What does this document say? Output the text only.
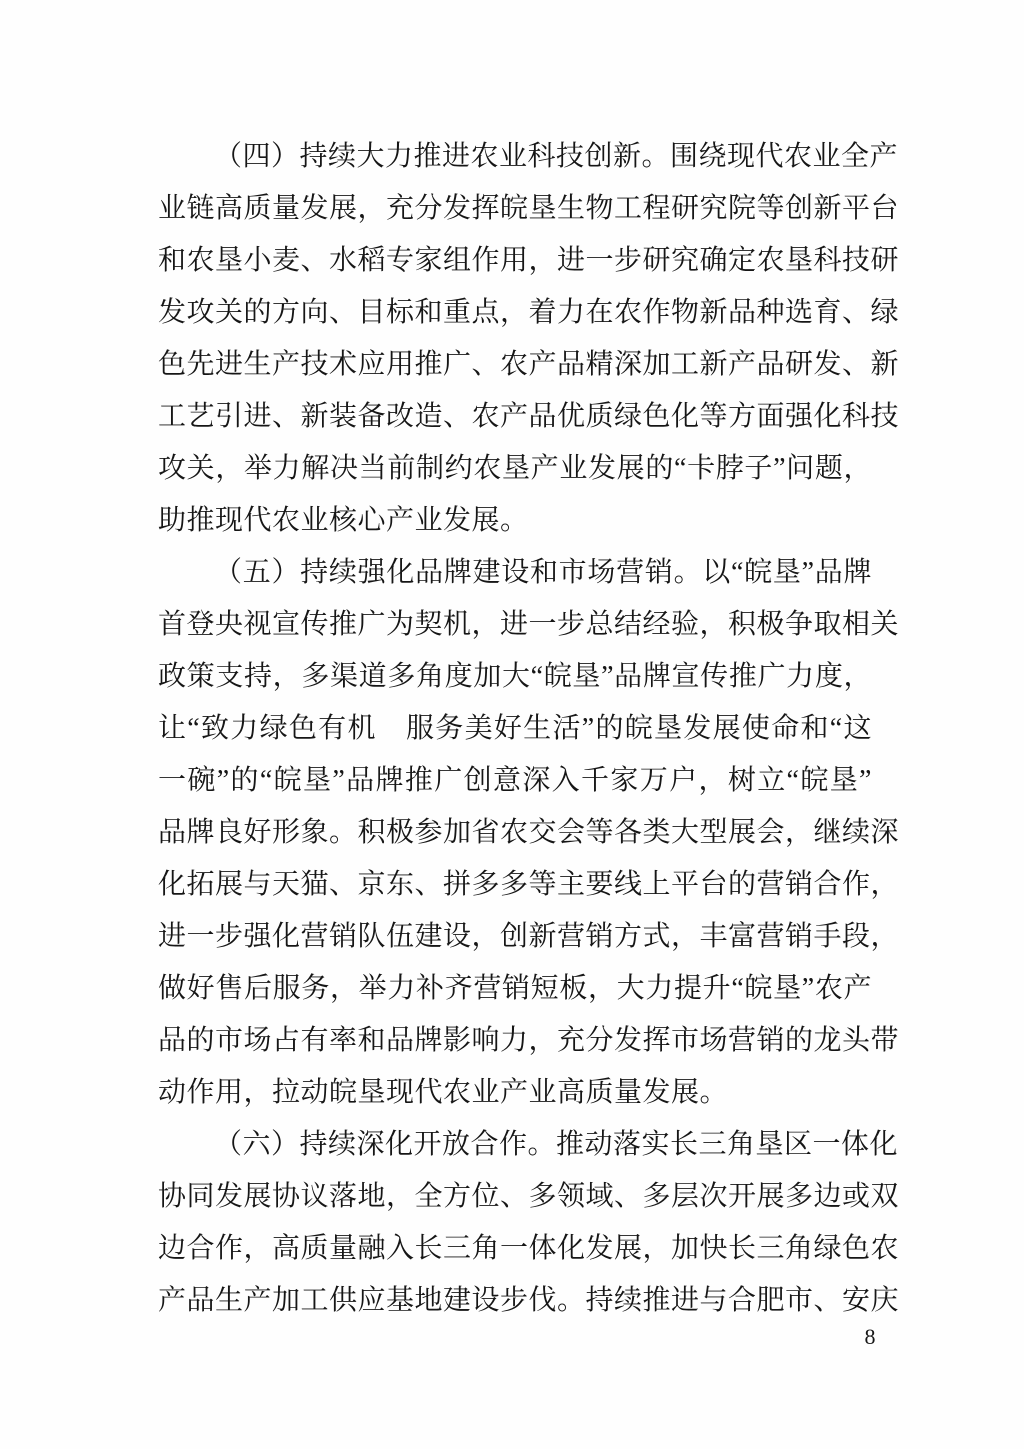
（四）持续大力推进农业科技创新。围绕现代农业全产
业链高质量发展，充分发挥皖垦生物工程研究院等创新平台
和农垦小麦、水稻专家组作用，进一步研究确定农垦科技研
发攻关的方向、目标和重点，着力在农作物新品种选育、绿
色先进生产技术应用推广、农产品精深加工新产品研发、新
工艺引进、新装备改造、农产品优质绿色化等方面强化科技
攻关，举力解决当前制约农垦产业发展的“卡脖子”问题，
助推现代农业核心产业发展。
（五）持续强化品牌建设和市场营销。以“皖垦”品牌
首登央视宣传推广为契机，进一步总结经验，积极争取相关
政策支持，多渠道多角度加大“皖垦”品牌宣传推广力度，
让“致力绿色有机　服务美好生活”的皖垦发展使命和“这
一碗”的“皖垦”品牌推广创意深入千家万户，树立“皖垦”
品牌良好形象。积极参加省农交会等各类大型展会，继续深
化拓展与天猫、京东、拼多多等主要线上平台的营销合作，
进一步强化营销队伍建设，创新营销方式，丰富营销手段，
做好售后服务，举力补齐营销短板，大力提升“皖垦”农产
品的市场占有率和品牌影响力，充分发挥市场营销的龙头带
动作用，拉动皖垦现代农业产业高质量发展。
（六）持续深化开放合作。推动落实长三角垦区一体化
协同发展协议落地，全方位、多领域、多层次开展多边或双
边合作，高质量融入长三角一体化发展，加快长三角绿色农
产品生产加工供应基地建设步伐。持续推进与合肥市、安庆
8
